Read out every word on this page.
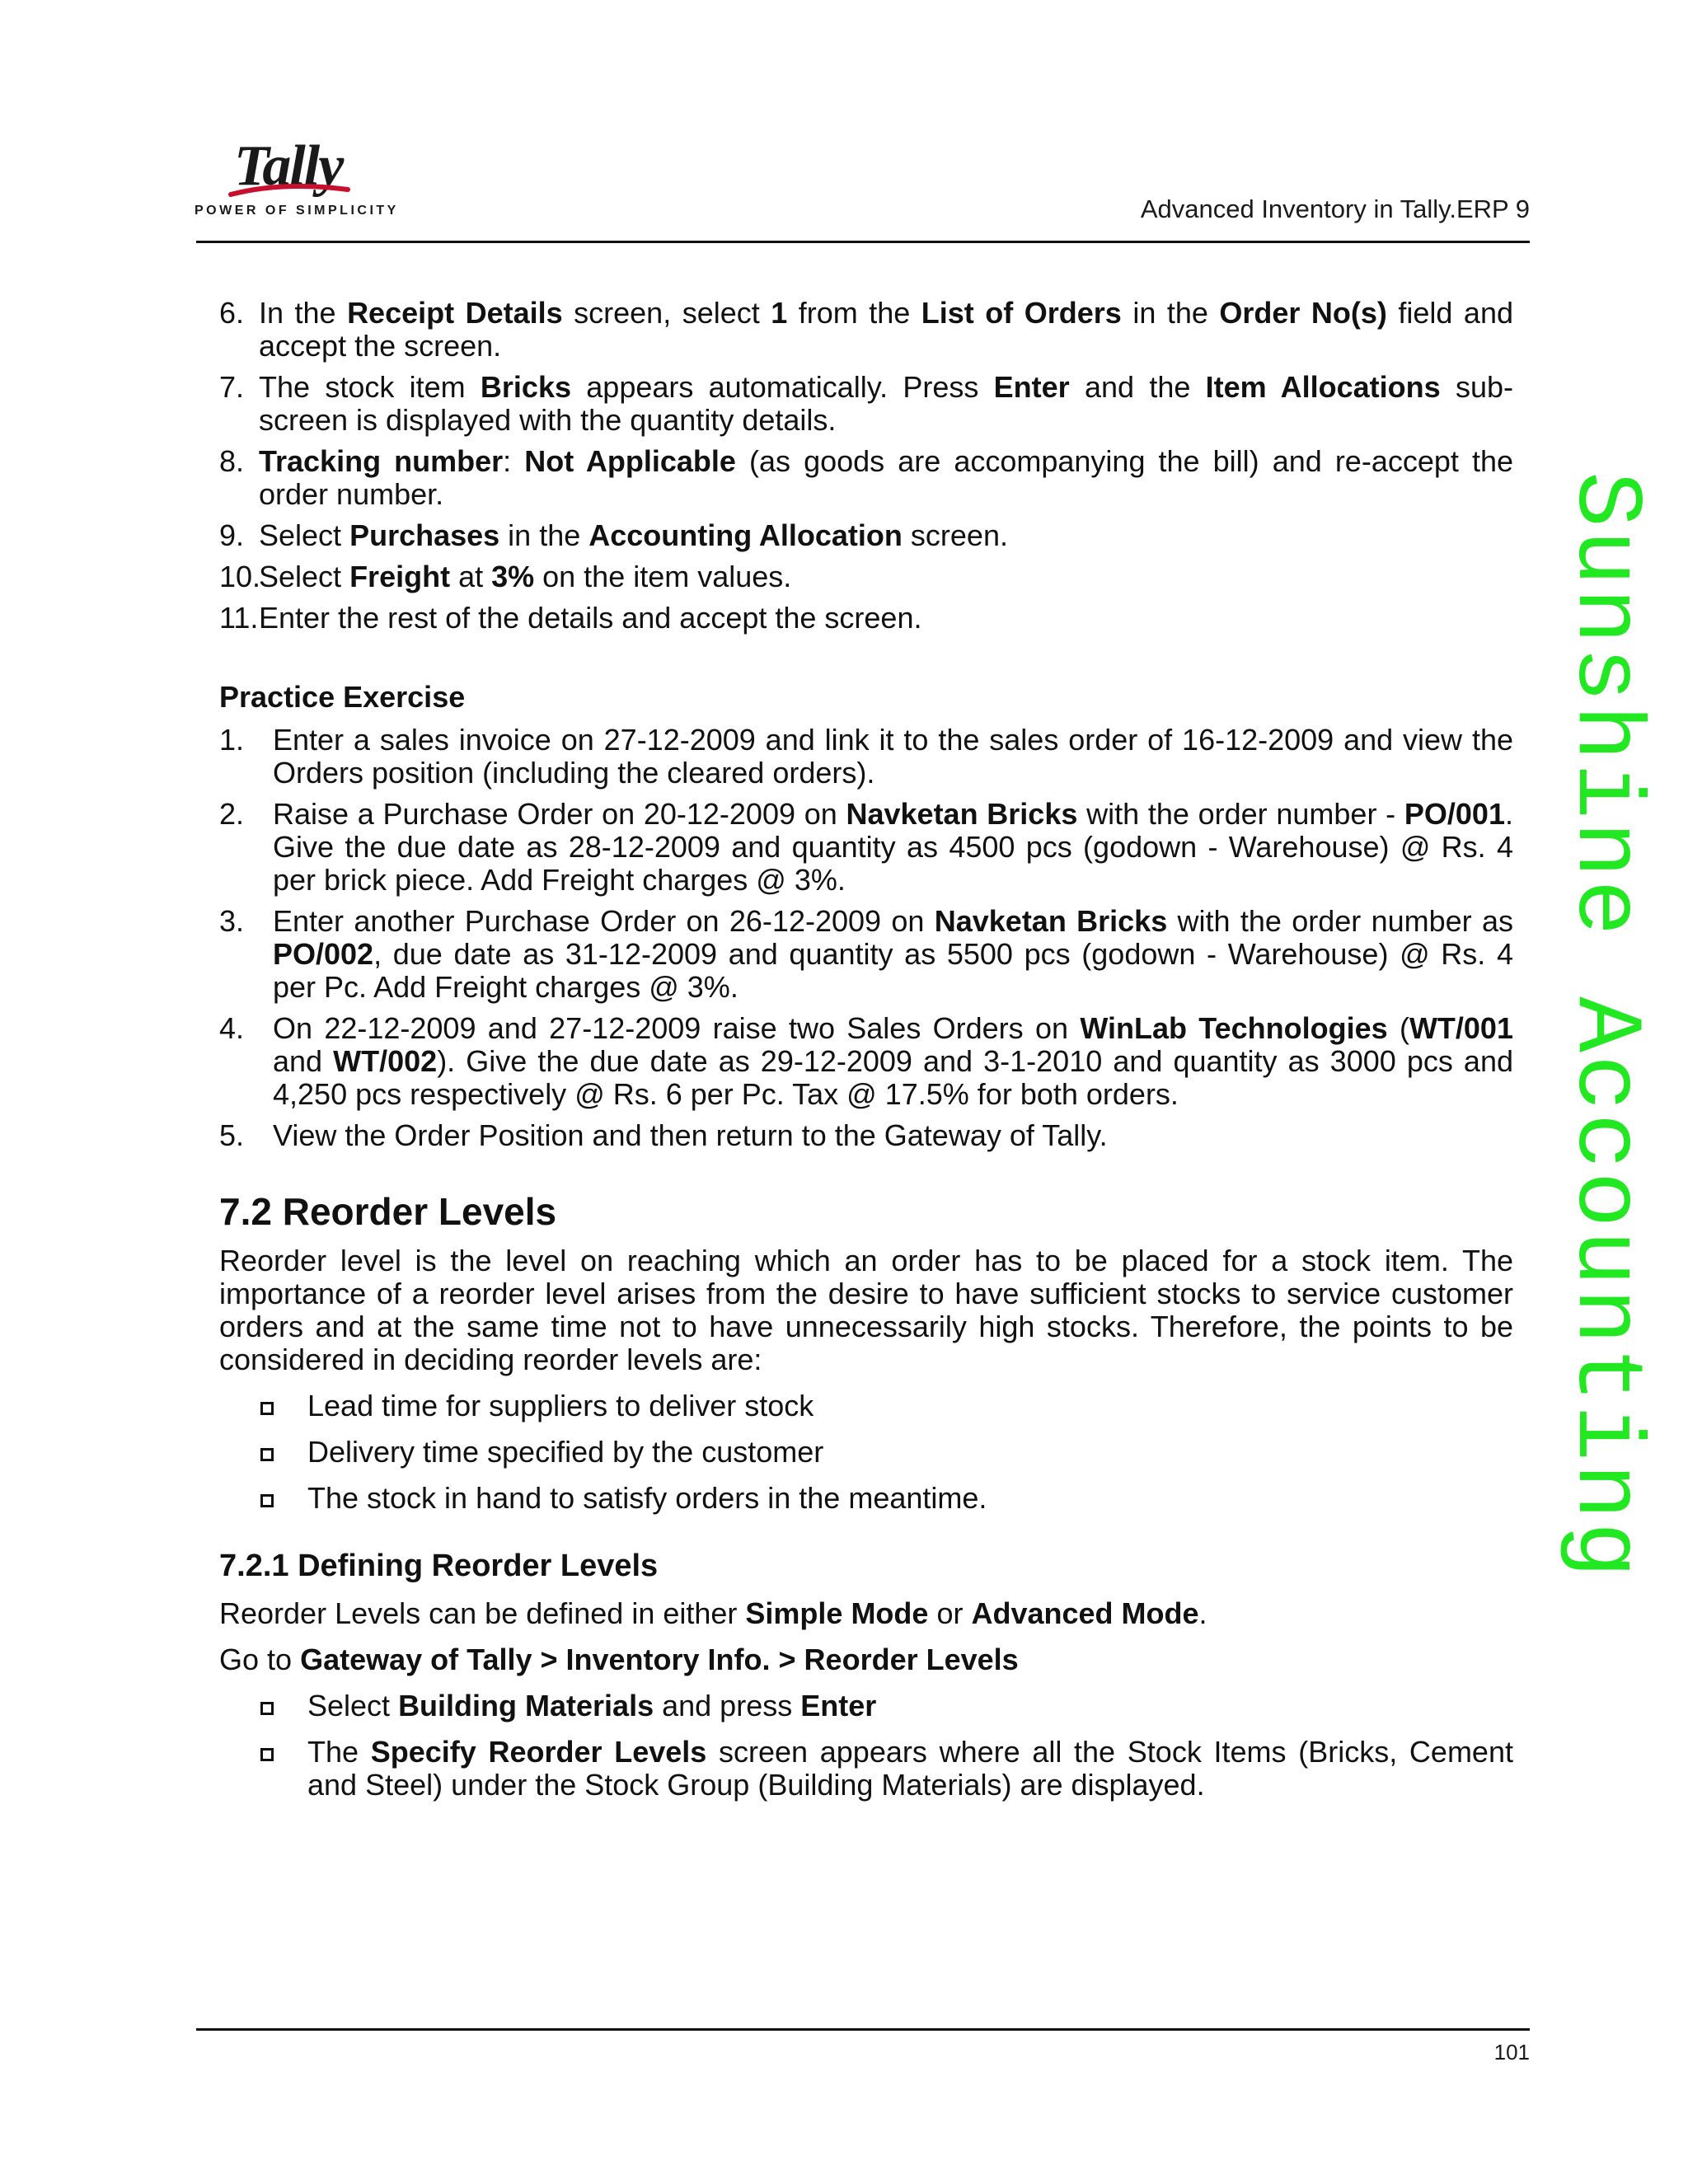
Tally
POWER OF SIMPLICITY	Advanced Inventory in Tally.ERP 9
Sunshine Accounting
6. In the Receipt Details screen, select 1 from the List of Orders in the Order No(s) field and accept the screen.
7. The stock item Bricks appears automatically. Press Enter and the Item Allocations sub-screen is displayed with the quantity details.
8. Tracking number: Not Applicable (as goods are accompanying the bill) and re-accept the order number.
9. Select Purchases in the Accounting Allocation screen.
10.
Select Freight at 3% on the item values.
11. Enter the rest of the details and accept the screen.
Practice Exercise
1. Enter a sales invoice on 27-12-2009 and link it to the sales order of 16-12-2009 and view the Orders position (including the cleared orders).
2. Raise a Purchase Order on 20-12-2009 on Navketan Bricks with the order number - PO/001. Give the due date as 28-12-2009 and quantity as 4500 pcs (godown - Warehouse) @ Rs. 4 per brick piece. Add Freight charges @ 3%.
3. Enter another Purchase Order on 26-12-2009 on Navketan Bricks with the order number as PO/002, due date as 31-12-2009 and quantity as 5500 pcs (godown - Warehouse) @ Rs. 4 per Pc. Add Freight charges @ 3%.
4. On 22-12-2009 and 27-12-2009 raise two Sales Orders on WinLab Technologies (WT/001 and WT/002). Give the due date as 29-12-2009 and 3-1-2010 and quantity as 3000 pcs and 4,250 pcs respectively @ Rs. 6 per Pc. Tax @ 17.5% for both orders.
5. View the Order Position and then return to the Gateway of Tally.
7.2 Reorder Levels

Reorder level is the level on reaching which an order has to be placed for a stock item. The importance of a reorder level arises from the desire to have sufficient stocks to service customer orders and at the same time not to have unnecessarily high stocks. Therefore, the points to be considered in deciding reorder levels are:

Lead time for suppliers to deliver stock
Delivery time specified by the customer
The stock in hand to satisfy orders in the meantime.
7.2.1 Defining Reorder Levels

Reorder Levels can be defined in either Simple Mode or Advanced Mode.

Go to Gateway of Tally > Inventory Info. > Reorder Levels

Select Building Materials and press Enter
The Specify Reorder Levels screen appears where all the Stock Items (Bricks, Cement and Steel) under the Stock Group (Building Materials) are displayed.
101
